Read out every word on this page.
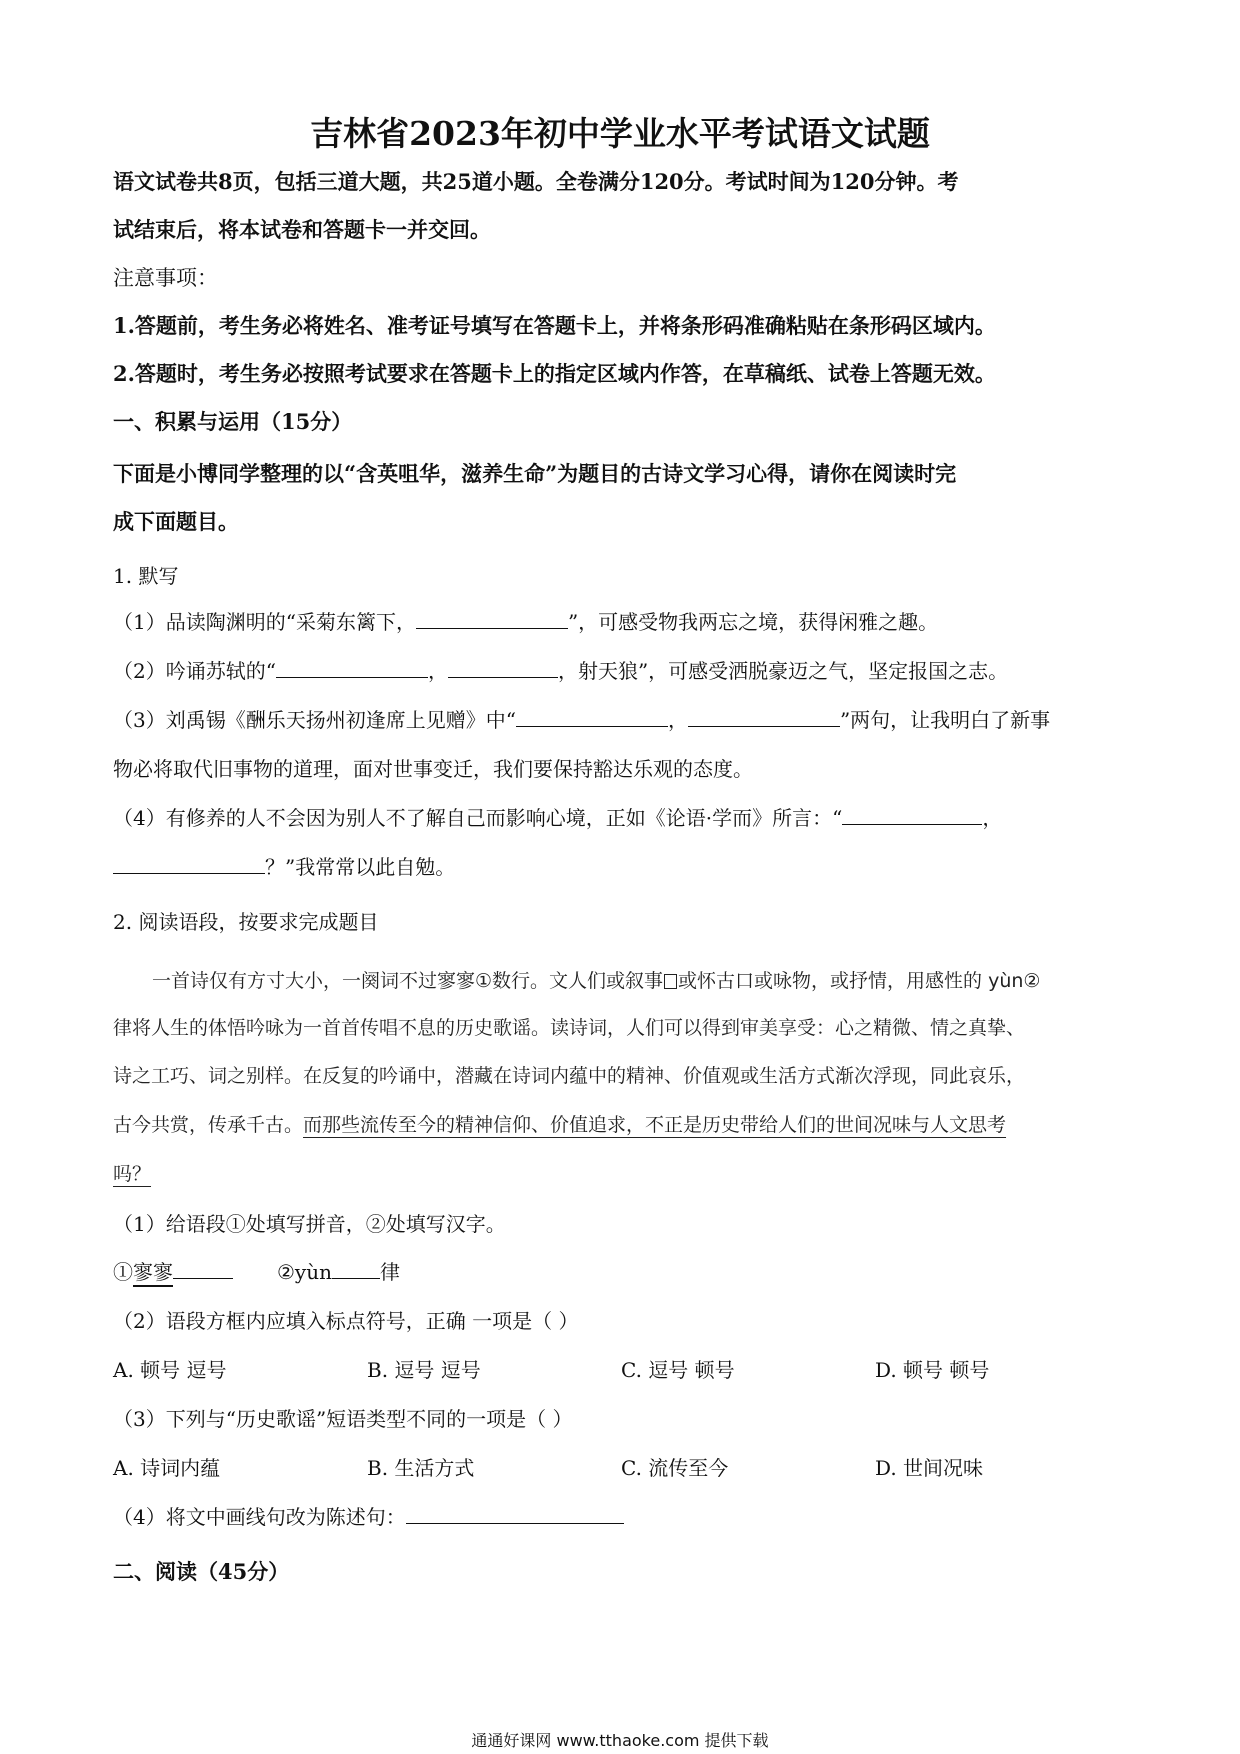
吉林省2023年初中学业水平考试语文试题
语文试卷共8页，包括三道大题，共25道小题。全卷满分120分。考试时间为120分钟。考
试结束后，将本试卷和答题卡一并交回。
注意事项：
1.答题前，考生务必将姓名、准考证号填写在答题卡上，并将条形码准确粘贴在条形码区域内。
2.答题时，考生务必按照考试要求在答题卡上的指定区域内作答，在草稿纸、试卷上答题无效。
一、积累与运用（15分）
下面是小博同学整理的以“含英咀华，滋养生命”为题目的古诗文学习心得，请你在阅读时完
成下面题目。
1. 默写
（1）品读陶渊明的“采菊东篱下，	”，可感受物我两忘之境，获得闲雅之趣。
（2）吟诵苏轼的“	，	，射天狼”，可感受洒脱豪迈之气，坚定报国之志。
（3）刘禹锡《酬乐天扬州初逢席上见赠》中“	，	”两句，让我明白了新事
物必将取代旧事物的道理，面对世事变迁，我们要保持豁达乐观的态度。
（4）有修养的人不会因为别人不了解自己而影响心境，正如《论语·学而》所言：“	，
？”我常常以此自勉。
2. 阅读语段，按要求完成题目
一首诗仅有方寸大小，一阕词不过寥寥①数行。文人们或叙事 或怀古口或咏物，或抒情，用感性的 yùn②
律将人生的体悟吟咏为一首首传唱不息的历史歌谣。读诗词，人们可以得到审美享受：心之精微、情之真挚、
诗之工巧、词之别样。在反复的吟诵中，潜藏在诗词内蕴中的精神、价值观或生活方式渐次浮现，同此哀乐，
古今共赏，传承千古。而那些流传至今的精神信仰、价值追求，不正是历史带给人们的世间况味与人文思考
吗？
（1）给语段①处填写拼音，②处填写汉字。
①寥寥	②yùn 律
（2）语段方框内应填入标点符号，正确 一项是（ ）
A. 顿号 逗号	B. 逗号 逗号	C. 逗号 顿号	D. 顿号 顿号
（3）下列与“历史歌谣”短语类型不同的一项是（ ）
A. 诗词内蕴	B. 生活方式	C. 流传至今	D. 世间况味
（4）将文中画线句改为陈述句：
二、阅读（45分）
通通好课网 www.tthaoke.com 提供下载
